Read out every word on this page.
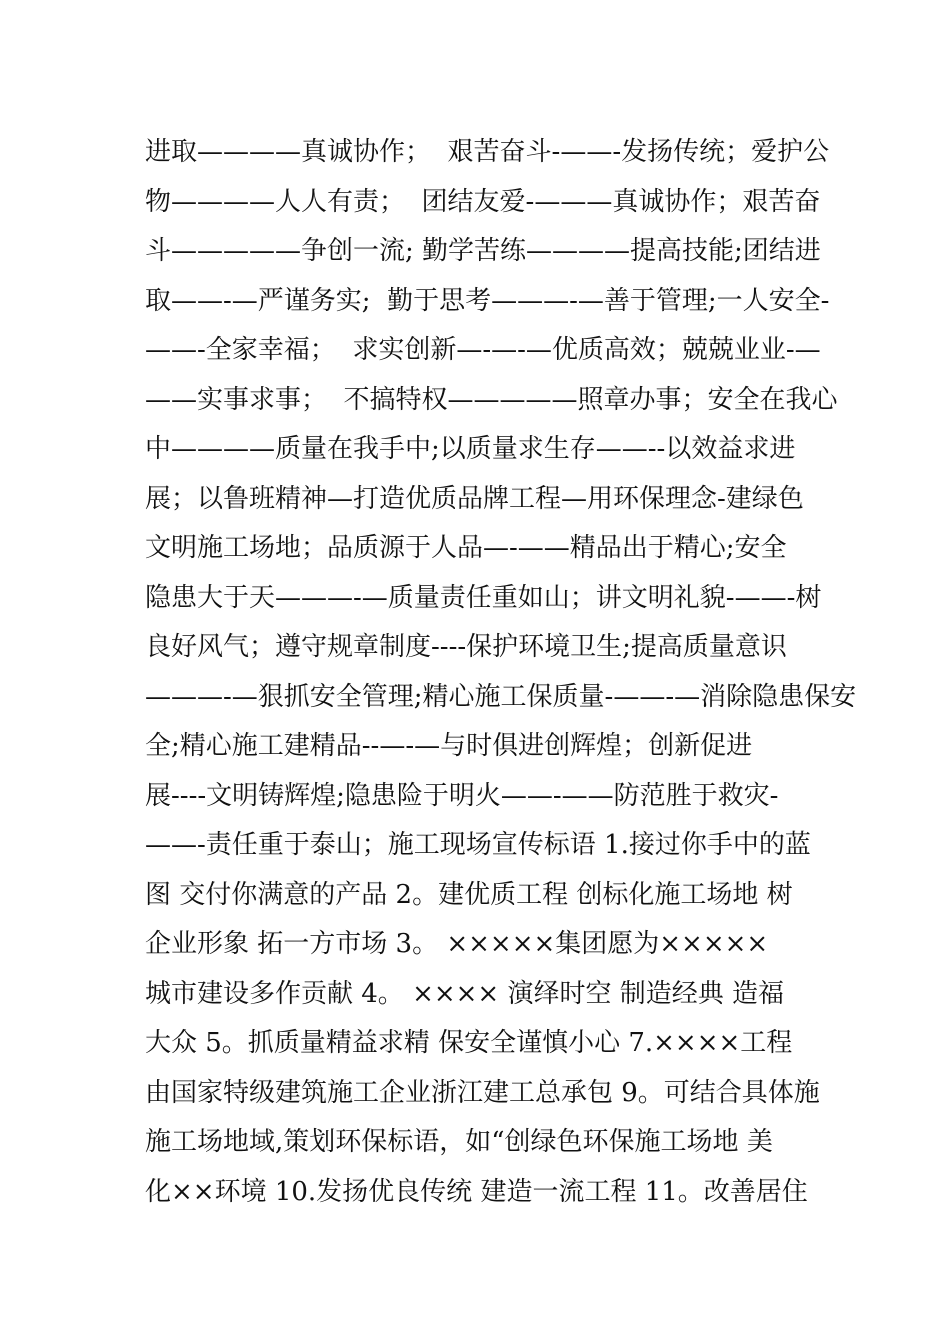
进取————真诚协作；  艰苦奋斗-——-发扬传统；爱护公
物————人人有责；  团结友爱-———真诚协作；艰苦奋
斗—————争创一流; 勤学苦练————提高技能;团结进
取——-—严谨务实;  勤于思考———-—善于管理;一人安全-
——-全家幸福；  求实创新—-—-—优质高效；兢兢业业-—
——实事求事；  不搞特权—————照章办事；安全在我心
中————质量在我手中;以质量求生存——--以效益求进
展；以鲁班精神—打造优质品牌工程—用环保理念-建绿色
文明施工场地；品质源于人品—-——精品出于精心;安全
隐患大于天———-—质量责任重如山；讲文明礼貌-——-树
良好风气；遵守规章制度----保护环境卫生;提高质量意识
———-—狠抓安全管理;精心施工保质量-——-—消除隐患保安
全;精心施工建精品--—-—与时俱进创辉煌；创新促进
展----文明铸辉煌;隐患险于明火——-——防范胜于救灾-
——-责任重于泰山；施工现场宣传标语 1.接过你手中的蓝
图 交付你满意的产品 2。建优质工程 创标化施工场地 树
企业形象 拓一方市场 3。 ×××××集团愿为×××××
城市建设多作贡献 4。 ×××× 演绎时空 制造经典 造福
大众 5。抓质量精益求精 保安全谨慎小心 7.××××工程
由国家特级建筑施工企业浙江建工总承包 9。可结合具体施
施工场地域,策划环保标语，如“创绿色环保施工场地 美
化××环境 10.发扬优良传统 建造一流工程 11。改善居住
